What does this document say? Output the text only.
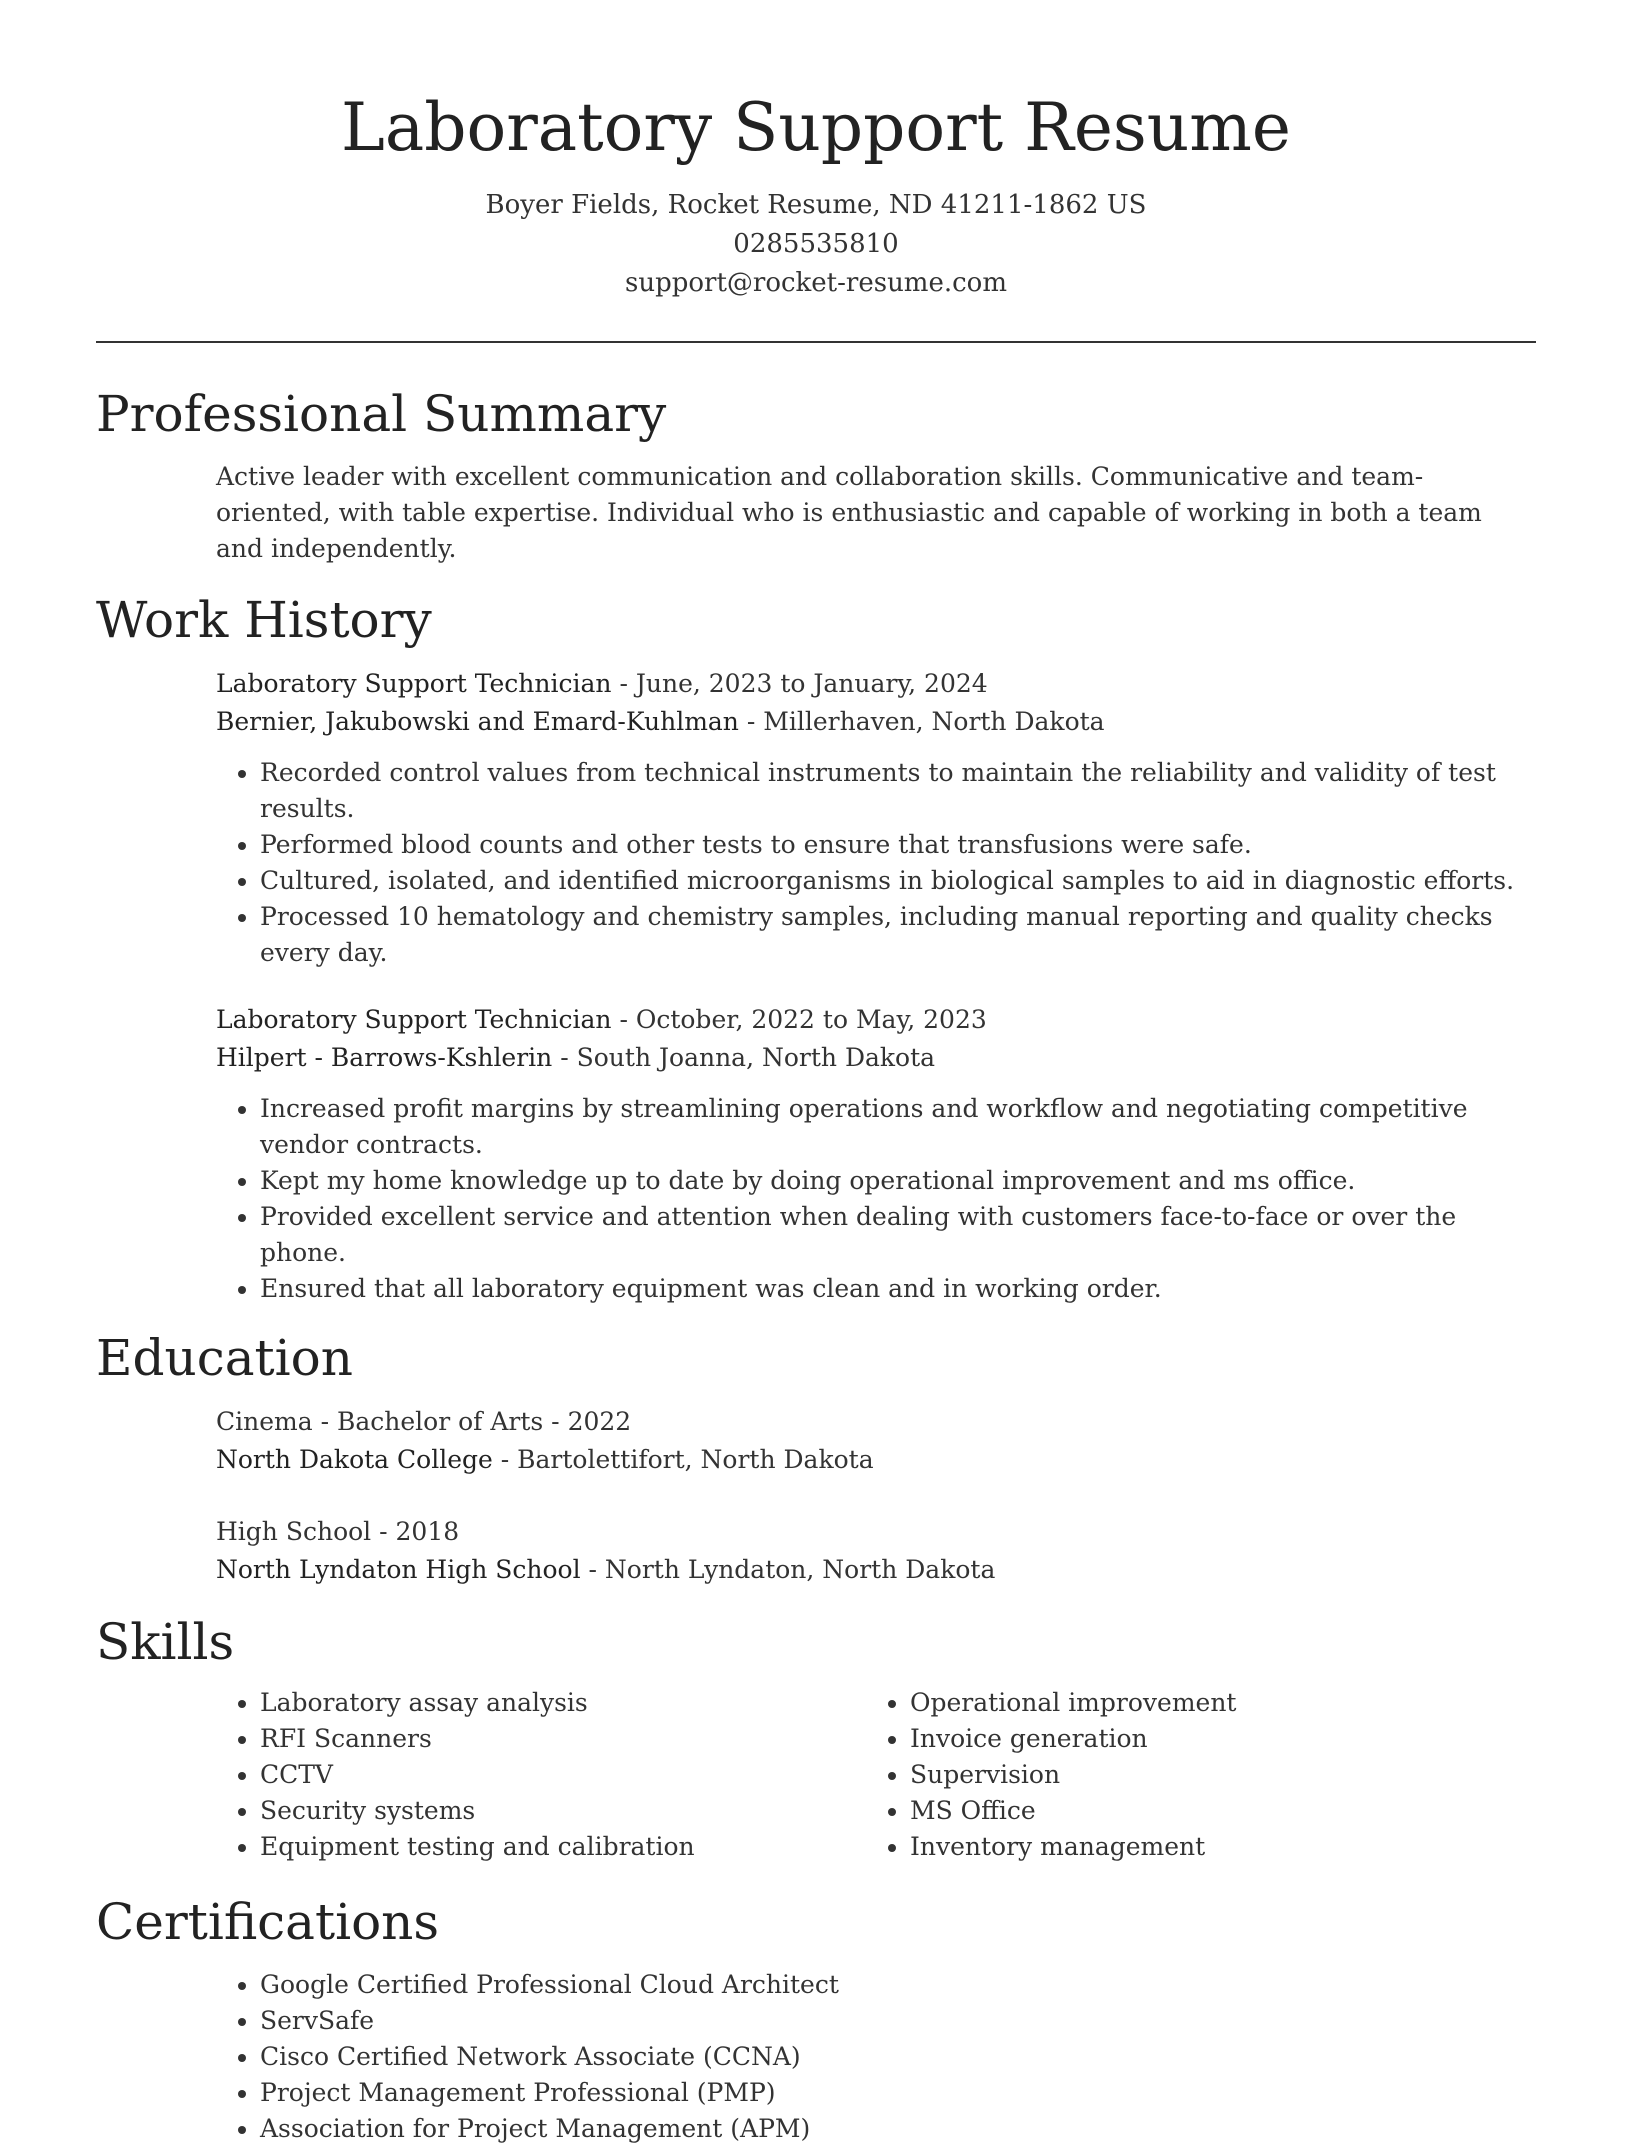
Laboratory Support Resume
Boyer Fields, Rocket Resume, ND 41211-1862 US
0285535810
support@rocket-resume.com
Professional Summary

Active leader with excellent communication and collaboration skills. Communicative and team-oriented, with table expertise. Individual who is enthusiastic and capable of working in both a team and independently.

Work History
Laboratory Support Technician - June, 2023 to January, 2024
Bernier, Jakubowski and Emard-Kuhlman - Millerhaven, North Dakota
• Recorded control values from technical instruments to maintain the reliability and validity of test results.
• Performed blood counts and other tests to ensure that transfusions were safe.
• Cultured, isolated, and identified microorganisms in biological samples to aid in diagnostic efforts.
• Processed 10 hematology and chemistry samples, including manual reporting and quality checks every day.
Laboratory Support Technician - October, 2022 to May, 2023
Hilpert - Barrows-Kshlerin - South Joanna, North Dakota
• Increased profit margins by streamlining operations and workflow and negotiating competitive vendor contracts.
• Kept my home knowledge up to date by doing operational improvement and ms office.
• Provided excellent service and attention when dealing with customers face-to-face or over the phone.
• Ensured that all laboratory equipment was clean and in working order.
Education
Cinema - Bachelor of Arts - 2022
North Dakota College - Bartolettifort, North Dakota
High School - 2018
North Lyndaton High School - North Lyndaton, North Dakota
Skills
• Laboratory assay analysis
• RFI Scanners
• CCTV
• Security systems
• Equipment testing and calibration
• Operational improvement
• Invoice generation
• Supervision
• MS Office
• Inventory management
Certifications
• Google Certified Professional Cloud Architect
• ServSafe
• Cisco Certified Network Associate (CCNA)
• Project Management Professional (PMP)
• Association for Project Management (APM)
